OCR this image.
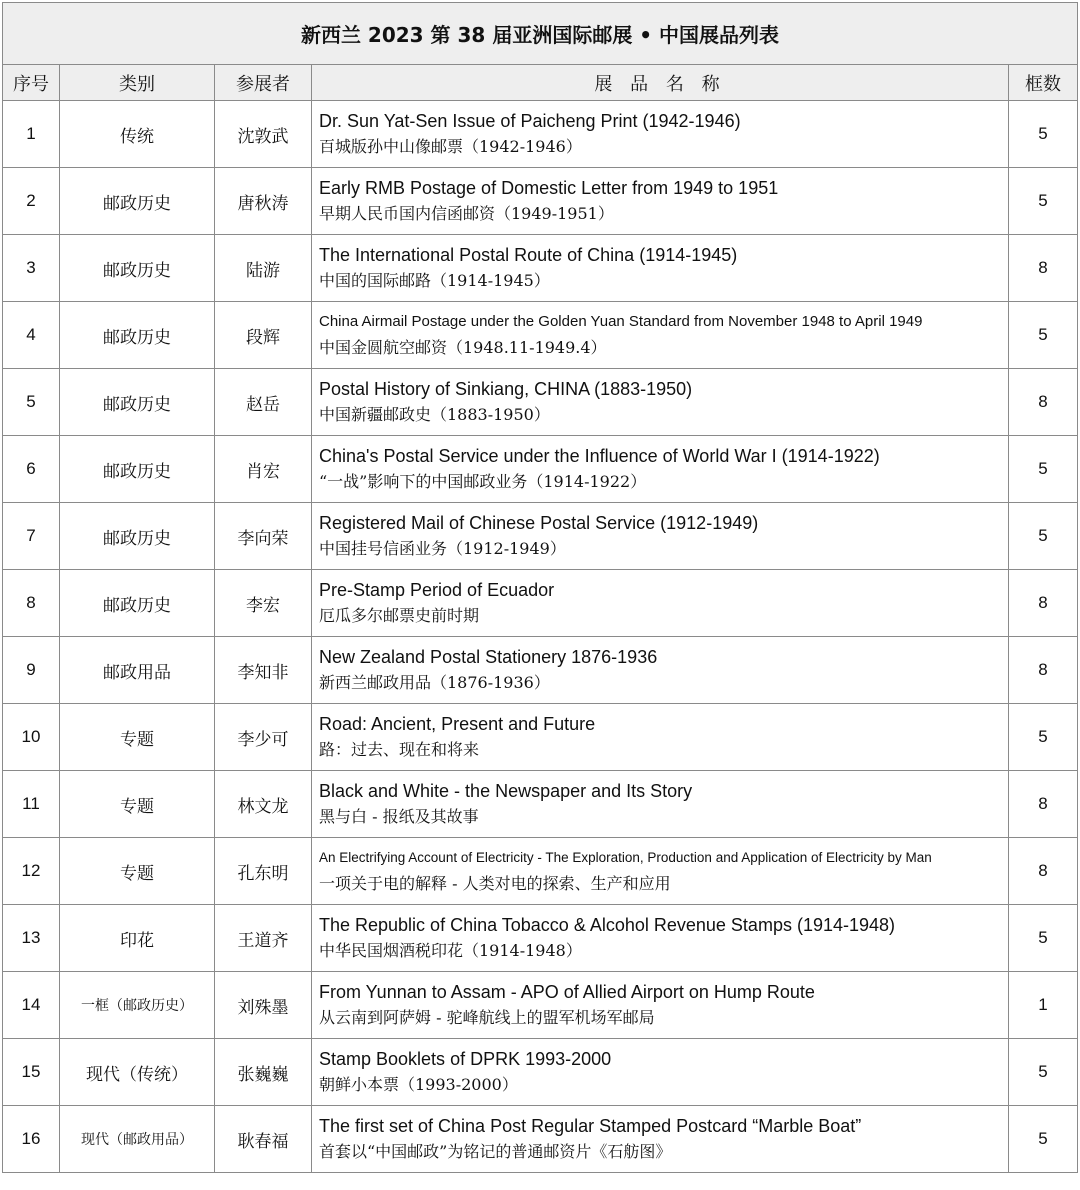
新西兰 2023 第 38 届亚洲国际邮展 • 中国展品列表				
序号	类别	参展者	展 品 名 称	框数
1	传统	沈敦武	Dr. Sun Yat-Sen Issue of Paicheng Print (1942-1946)
百城版孙中山像邮票（1942-1946）	5
2	邮政历史	唐秋涛	Early RMB Postage of Domestic Letter from 1949 to 1951
早期人民币国内信函邮资（1949-1951）	5
3	邮政历史	陆游	The International Postal Route of China (1914-1945)
中国的国际邮路（1914-1945）	8
4	邮政历史	段辉	China Airmail Postage under the Golden Yuan Standard from November 1948 to April 1949
中国金圆航空邮资（1948.11-1949.4）	5
5	邮政历史	赵岳	Postal History of Sinkiang, CHINA (1883-1950)
中国新疆邮政史（1883-1950）	8
6	邮政历史	肖宏	China's Postal Service under the Influence of World War I (1914-1922)
“一战”影响下的中国邮政业务（1914-1922）	5
7	邮政历史	李向荣	Registered Mail of Chinese Postal Service (1912-1949)
中国挂号信函业务（1912-1949）	5
8	邮政历史	李宏	Pre-Stamp Period of Ecuador
厄瓜多尔邮票史前时期	8
9	邮政用品	李知非	New Zealand Postal Stationery 1876-1936
新西兰邮政用品（1876-1936）	8
10	专题	李少可	Road: Ancient, Present and Future
路：过去、现在和将来	5
11	专题	林文龙	Black and White - the Newspaper and Its Story
黑与白 - 报纸及其故事	8
12	专题	孔东明	An Electrifying Account of Electricity - The Exploration, Production and Application of Electricity by Man
一项关于电的解释 - 人类对电的探索、生产和应用	8
13	印花	王道齐	The Republic of China Tobacco & Alcohol Revenue Stamps (1914-1948)
中华民国烟酒税印花（1914-1948）	5
14	一框（邮政历史）	刘殊墨	From Yunnan to Assam - APO of Allied Airport on Hump Route
从云南到阿萨姆 - 驼峰航线上的盟军机场军邮局	1
15	现代（传统）	张巍巍	Stamp Booklets of DPRK 1993-2000
朝鲜小本票（1993-2000）	5
16	现代（邮政用品）	耿春福	The first set of China Post Regular Stamped Postcard “Marble Boat”
首套以“中国邮政”为铭记的普通邮资片《石舫图》	5
